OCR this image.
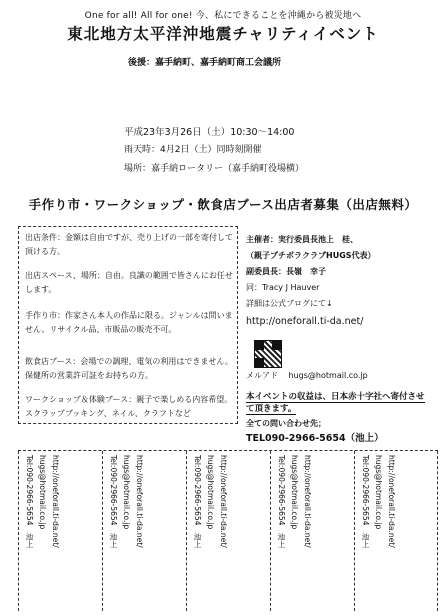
One for all! All for one! 今、私にできることを沖縄から被災地へ
東北地方太平洋沖地震チャリティイベント
後援：嘉手納町、嘉手納町商工会議所
平成23年3月26日（土）10:30～14:00
雨天時：4月2日（土）同時刻開催
場所：嘉手納ロータリー（嘉手納町役場横）
手作り市・ワークショップ・飲食店ブース出店者募集（出店無料）
出店条件：金額は自由ですが、売り上げの一部を寄付して頂ける方。
出店スペース、場所：自由。良識の範囲で皆さんにお任せします。
手作り市：作家さん本人の作品に限る。ジャンルは問いません。リサイクル品、市販品の販売不可。
飲食店ブース：会場での調理、電気の利用はできません。保健所の営業許可証をお持ちの方。
ワークショップ＆体験ブース：親子で楽しめる内容希望。スクラップブッキング、ネイル、クラフトなど
主催者：実行委員長池上　桂、
（親子プチボラクラブHUGS代表）
副委員長：長嶺　幸子
同：Tracy J Hauver
詳細は公式ブログにて↓
http://oneforall.ti-da.net/
メルアド　 hugs@hotmail.co.jp
本イベントの収益は、日本赤十字社へ寄付させて頂きます。
全ての問い合わせ先；
TEL090-2966-5654（池上）
http://oneforall.ti-da.net/
hugs@hotmail.co.jp
Tel:090-2966-5654　池上	http://oneforall.ti-da.net/
hugs@hotmail.co.jp
Tel:090-2966-5654　池上	http://oneforall.ti-da.net/
hugs@hotmail.co.jp
Tel:090-2966-5654　池上	http://oneforall.ti-da.net/
hugs@hotmail.co.jp
Tel:090-2966-5654　池上	http://oneforall.ti-da.net/
hugs@hotmail.co.jp
Tel:090-2966-5654　池上
